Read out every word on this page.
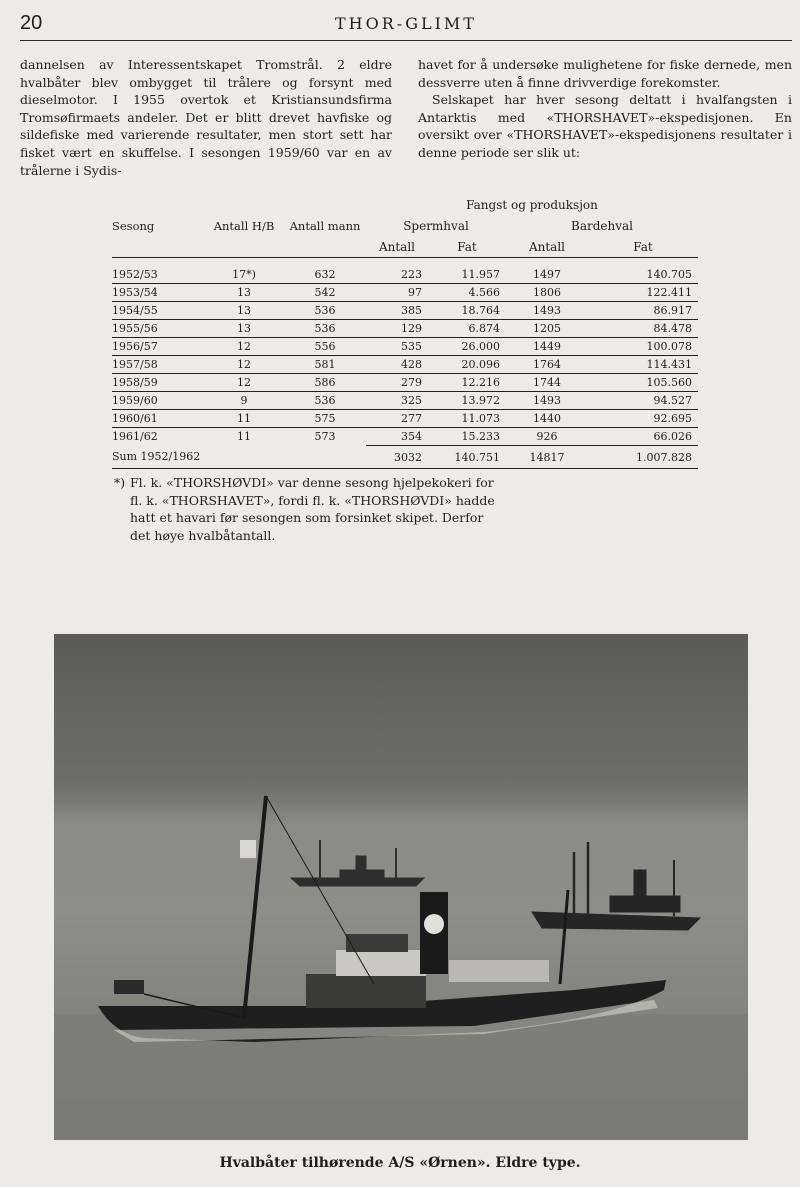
20	THOR-GLIMT

dannelsen av Interessentskapet Tromstrål. 2 eldre hvalbåter blev ombygget til trålere og forsynt med dieselmotor. I 1955 overtok et Kristiansundsfirma Tromsøfirmaets andeler. Det er blitt drevet havfiske og sildefiske med varierende resultater, men stort sett har fisket vært en skuffelse. I sesongen 1959/60 var en av trålerne i Sydis-

havet for å undersøke mulighetene for fiske dernede, men dessverre uten å finne drivverdige forekomster.

Selskapet har hver sesong deltatt i hvalfangsten i Antarktis med «THORSHAVET»-ekspedisjonen. En oversikt over «THORSHAVET»-ekspedisjonens resultater i denne periode ser slik ut:

Sesong	Antall H/B	Antall mann	Fangst og produksjon			
			Spermhval		Bardehval	
			Antall	Fat	Antall	Fat
1952/53	17*)	632	223	11.957	1497	140.705
1953/54	13	542	97	4.566	1806	122.411
1954/55	13	536	385	18.764	1493	86.917
1955/56	13	536	129	6.874	1205	84.478
1956/57	12	556	535	26.000	1449	100.078
1957/58	12	581	428	20.096	1764	114.431
1958/59	12	586	279	12.216	1744	105.560
1959/60	9	536	325	13.972	1493	94.527
1960/61	11	575	277	11.073	1440	92.695
1961/62	11	573	354	15.233	926	66.026
Sum 1952/1962			3032	140.751	14817	1.007.828

*) Fl. k. «THORSHØVDI» var denne sesong hjelpekokeri for fl. k. «THORSHAVET», fordi fl. k. «THORSHØVDI» hadde hatt et havari før sesongen som forsinket skipet. Derfor det høye hvalbåtantall.

Hvalbåter tilhørende A/S «Ørnen». Eldre type.
